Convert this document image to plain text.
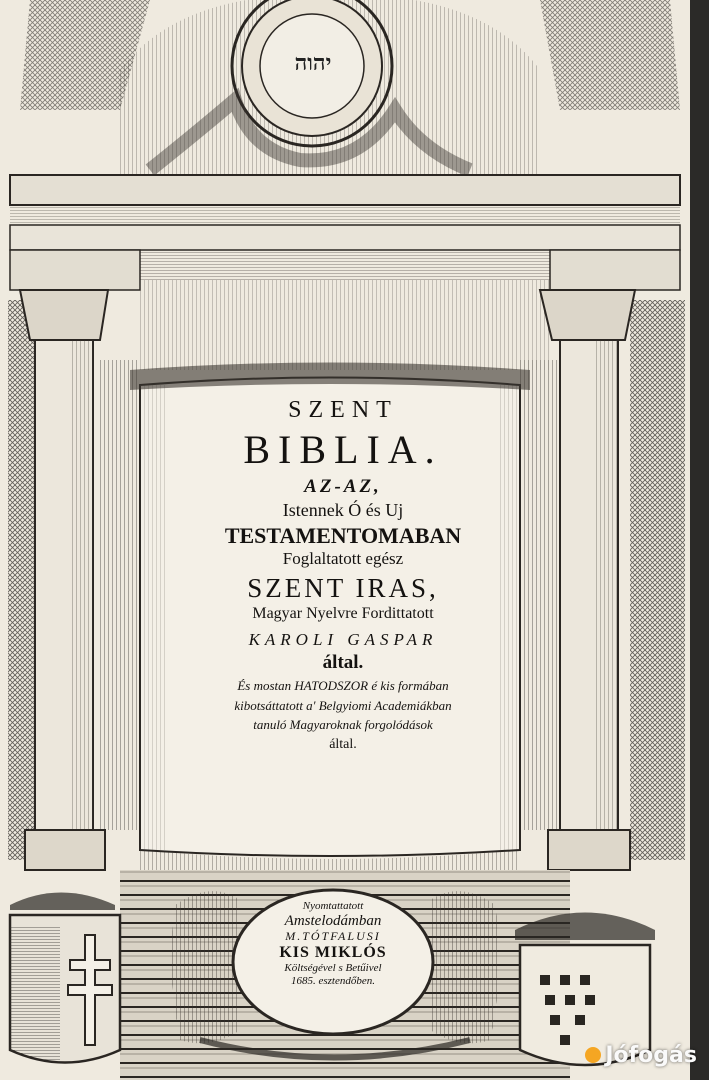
יהוה
SZENT
BIBLIA.
AZ-AZ,
Istennek Ó és Uj
TESTAMENTOMABAN
Foglaltatott egész
SZENT IRAS,
Magyar Nyelvre Fordittatott
KAROLI GASPAR
által.
És mostan HATODSZOR é kis formában
kibotsáttatott a' Belgyiomi Academiákban
tanuló Magyaroknak forgolódások
által.
Nyomtattatott
Amstelodámban
M.TÓTFALUSI
KIS MIKLÓS
Költségével s Betűivel
1685. esztendőben.
Jófogás
